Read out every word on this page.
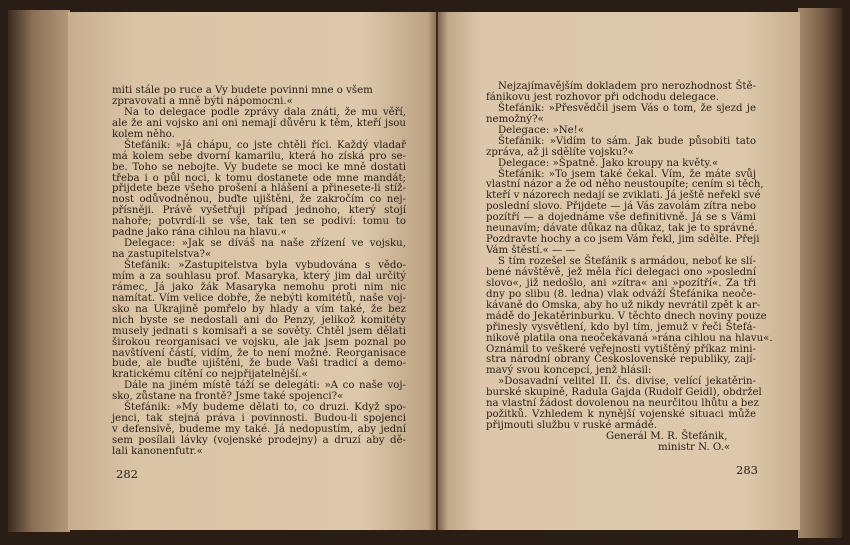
miti stále po ruce a Vy budete povinni mne o všem
zpravovati a mně býti nápomocni.«
Na to delegace podle zprávy dala znáti, že mu věří,
ale že ani vojsko ani oni nemají důvěru k těm, kteří jsou
kolem něho.
Štefánik: »Já chápu, co jste chtěli říci. Každý vladař
má kolem sebe dvorní kamarilu, která ho získá pro se-
be. Toho se nebojte. Vy budete se moci ke mně dostati
třeba i o půl noci, k tomu dostanete ode mne mandát;
přijdete beze všeho prošení a hlášení a přinesete-li stíž-
nost odůvodněnou, buďte ujištěni, že zakročím co nej-
přísněji. Právě vyšetřuji případ jednoho, který stojí
nahoře; potvrdí-li se vše, tak ten se podiví: tomu to
padne jako rána cihlou na hlavu.«
Delegace: »Jak se díváš na naše zřízení ve vojsku,
na zastupitelstva?«
Štefánik: »Zastupitelstva byla vybudována s vědo-
mím a za souhlasu prof. Masaryka, který jim dal určitý
rámec, Já jako žák Masaryka nemohu proti nim nic
namítat. Vím velice dobře, že nebýti komitétů, naše voj-
sko na Ukrajině pomřelo by hlady a vím také, že bez
nich byste se nedostali ani do Penzy, jelikož komitéty
musely jednati s komisaři a se sověty. Chtěl jsem dělati
širokou reorganisaci ve vojsku, ale jak jsem poznal po
navštívení částí, vidím, že to není možné. Reorganisace
bude, ale buďte ujištěni, že bude Vaši tradicí a demo-
kratickému cítění co nejpřijatelnější.«
Dále na jiném místě táží se delegáti: »A co naše voj-
sko, zůstane na frontě? Jsme také spojenci?«
Štefánik: »My budeme dělati to, co druzi. Když spo-
jenci, tak stejná práva i povinnosti. Budou-li spojenci
v defensivě, budeme my také. Já nedopustím, aby jední
sem posílali lávky (vojenské prodejny) a druzí aby dě-
lali kanonenfutr.«
282
Nejzajímavějším dokladem pro nerozhodnost Ště-
fánikovu jest rozhovor při odchodu delegace.
Štefánik: »Přesvědčil jsem Vás o tom, že sjezd je
nemožný?«
Delegace: »Ne!«
Štefánik: »Vidím to sám. Jak bude působiti tato
zpráva, až ji sdělíte vojsku?«
Delegace: »Špatně. Jako kroupy na květy.«
Štefánik: »To jsem také čekal. Vím, že máte svůj
vlastní názor a že od něho neustoupíte; cením si těch,
kteří v názorech nedají se zviklati. Já ještě neřekl své
poslední slovo. Přijdete — já Vás zavolám zítra nebo
pozítří — a dojednáme vše definitivně. Já se s Vámi
neunavím; dávate důkaz na důkaz, tak je to správné.
Pozdravte hochy a co jsem Vám řekl, jim sdělte. Přeji
Vám štěstí.« — —
S tím rozešel se Štefánik s armádou, neboť ke slí-
bené návštěvě, jež měla říci delegaci ono »poslední
slovo«, již nedošlo, ani »zítra« ani »pozítří«. Za tři
dny po slibu (8. ledna) vlak odváží Štefánika neoče-
kávaně do Omska, aby ho už nikdy nevrátil zpět k ar-
mádě do Jekatěrinburku. V těchto dnech noviny pouze
přinesly vysvětlení, kdo byl tím, jemuž v řeči Štefá-
nikově platila ona neočekávaná »rána cihlou na hlavu«.
Oznámil to veškeré veřejnosti vytištěný příkaz mini-
stra národní obrany Československé republiky, zají-
mavý svou koncepcí, jenž hlásil:
»Dosavadní velitel II. čs. divise, velící jekatěrin-
burské skupině, Radula Gajda (Rudolf Geidl), obdržel
na vlastní žádost dovolenou na neurčitou lhůtu a bez
požitků. Vzhledem k nynější vojenské situaci může
přijmouti službu v ruské armádě.
Generál M. R. Štefánik,
ministr N. O.«
283
